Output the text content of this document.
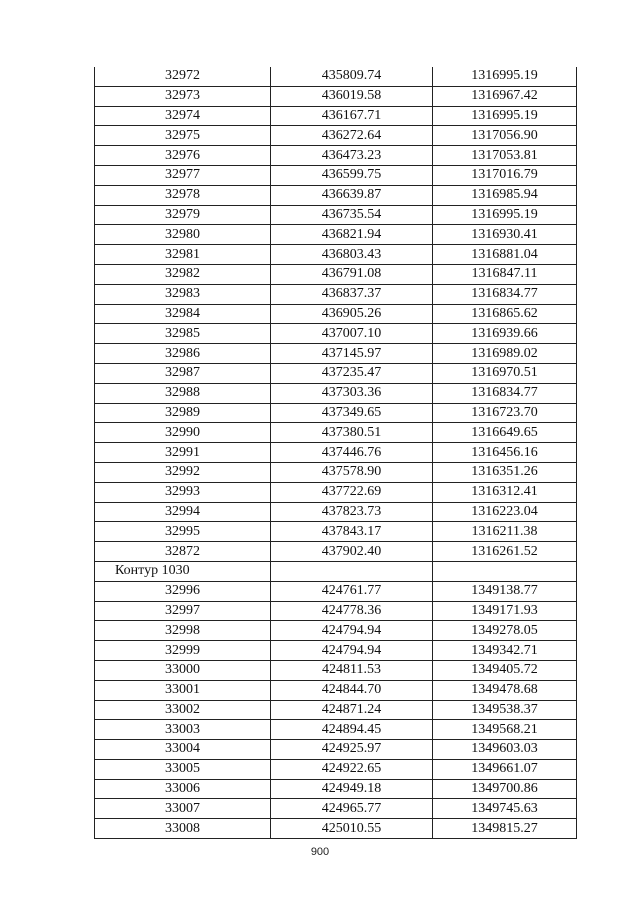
32972	435809.74	1316995.19
32973	436019.58	1316967.42
32974	436167.71	1316995.19
32975	436272.64	1317056.90
32976	436473.23	1317053.81
32977	436599.75	1317016.79
32978	436639.87	1316985.94
32979	436735.54	1316995.19
32980	436821.94	1316930.41
32981	436803.43	1316881.04
32982	436791.08	1316847.11
32983	436837.37	1316834.77
32984	436905.26	1316865.62
32985	437007.10	1316939.66
32986	437145.97	1316989.02
32987	437235.47	1316970.51
32988	437303.36	1316834.77
32989	437349.65	1316723.70
32990	437380.51	1316649.65
32991	437446.76	1316456.16
32992	437578.90	1316351.26
32993	437722.69	1316312.41
32994	437823.73	1316223.04
32995	437843.17	1316211.38
32872	437902.40	1316261.52
Контур 1030		
32996	424761.77	1349138.77
32997	424778.36	1349171.93
32998	424794.94	1349278.05
32999	424794.94	1349342.71
33000	424811.53	1349405.72
33001	424844.70	1349478.68
33002	424871.24	1349538.37
33003	424894.45	1349568.21
33004	424925.97	1349603.03
33005	424922.65	1349661.07
33006	424949.18	1349700.86
33007	424965.77	1349745.63
33008	425010.55	1349815.27
900
